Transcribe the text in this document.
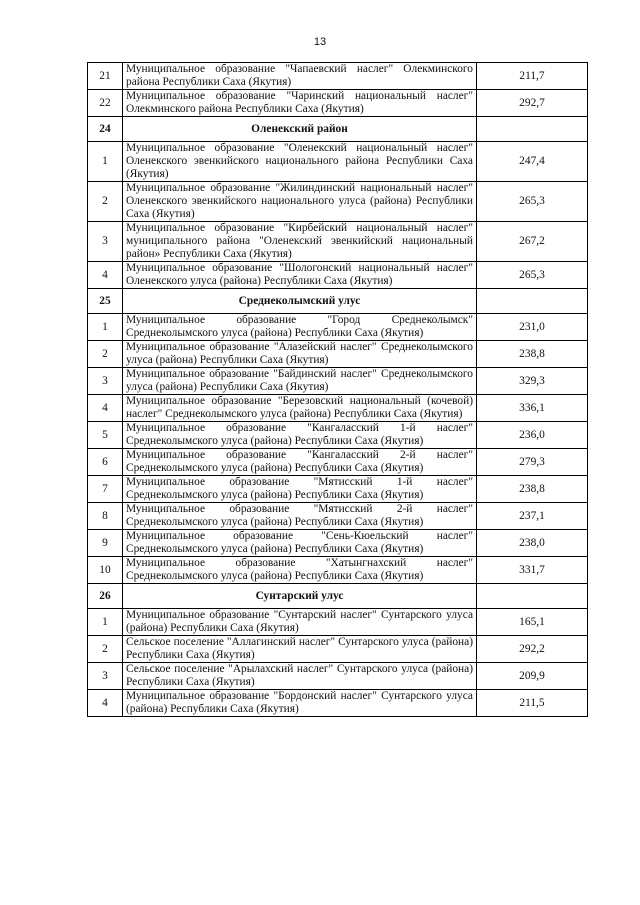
13
21	Муниципальное образование "Чапаевский наслег" Олекминского района Республики Саха (Якутия)	211,7
22	Муниципальное образование "Чаринский национальный наслег" Олекминского района Республики Саха (Якутия)	292,7
24	Оленекский район	
1	Муниципальное образование "Оленекский национальный наслег" Оленекского эвенкийского национального района Республики Саха (Якутия)	247,4
2	Муниципальное образование "Жилиндинский национальный наслег" Оленекского эвенкийского национального улуса (района) Республики Саха (Якутия)	265,3
3	Муниципальное образование "Кирбейский национальный наслег" муниципального района "Оленекский эвенкийский национальный район» Республики Саха (Якутия)	267,2
4	Муниципальное образование "Шологонский национальный наслег" Оленекского улуса (района) Республики Саха (Якутия)	265,3
25	Среднеколымский улус	
1	Муниципальное образование "Город Среднеколымск" Среднеколымского улуса (района) Республики Саха (Якутия)	231,0
2	Муниципальное образование "Алазейский наслег" Среднеколымского улуса (района) Республики Саха (Якутия)	238,8
3	Муниципальное образование "Байдинский наслег" Среднеколымского улуса (района) Республики Саха (Якутия)	329,3
4	Муниципальное образование "Березовский национальный (кочевой) наслег" Среднеколымского улуса (района) Республики Саха (Якутия)	336,1
5	Муниципальное образование "Кангаласский 1-й наслег" Среднеколымского улуса (района) Республики Саха (Якутия)	236,0
6	Муниципальное образование "Кангаласский 2-й наслег" Среднеколымского улуса (района) Республики Саха (Якутия)	279,3
7	Муниципальное образование "Мятисский 1-й наслег" Среднеколымского улуса (района) Республики Саха (Якутия)	238,8
8	Муниципальное образование "Мятисский 2-й наслег" Среднеколымского улуса (района) Республики Саха (Якутия)	237,1
9	Муниципальное образование "Сень-Кюельский наслег" Среднеколымского улуса (района) Республики Саха (Якутия)	238,0
10	Муниципальное образование "Хатынгнахский наслег" Среднеколымского улуса (района) Республики Саха (Якутия)	331,7
26	Сунтарский улус	
1	Муниципальное образование "Сунтарский наслег" Сунтарского улуса (района) Республики Саха (Якутия)	165,1
2	Сельское поселение "Аллагинский наслег" Сунтарского улуса (района) Республики Саха (Якутия)	292,2
3	Сельское поселение "Арылахский наслег" Сунтарского улуса (района) Республики Саха (Якутия)	209,9
4	Муниципальное образование "Бордонский наслег" Сунтарского улуса (района) Республики Саха (Якутия)	211,5
